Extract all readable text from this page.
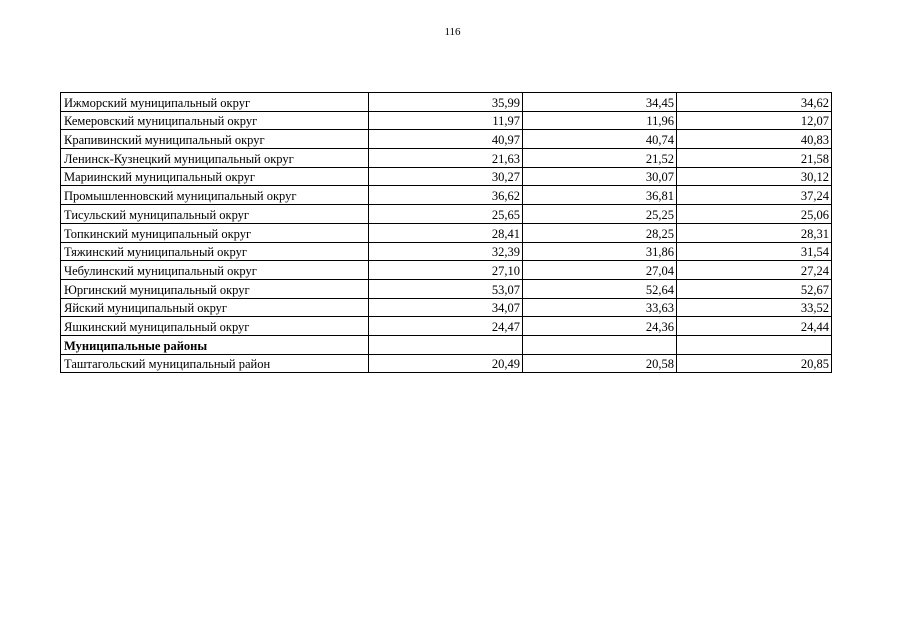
116
Ижморский муниципальный округ	35,99	34,45	34,62
Кемеровский муниципальный округ	11,97	11,96	12,07
Крапивинский муниципальный округ	40,97	40,74	40,83
Ленинск-Кузнецкий муниципальный округ	21,63	21,52	21,58
Мариинский муниципальный округ	30,27	30,07	30,12
Промышленновский муниципальный округ	36,62	36,81	37,24
Тисульский муниципальный округ	25,65	25,25	25,06
Топкинский муниципальный округ	28,41	28,25	28,31
Тяжинский муниципальный округ	32,39	31,86	31,54
Чебулинский муниципальный округ	27,10	27,04	27,24
Юргинский муниципальный округ	53,07	52,64	52,67
Яйский муниципальный округ	34,07	33,63	33,52
Яшкинский муниципальный округ	24,47	24,36	24,44
Муниципальные районы			
Таштагольский муниципальный район	20,49	20,58	20,85
